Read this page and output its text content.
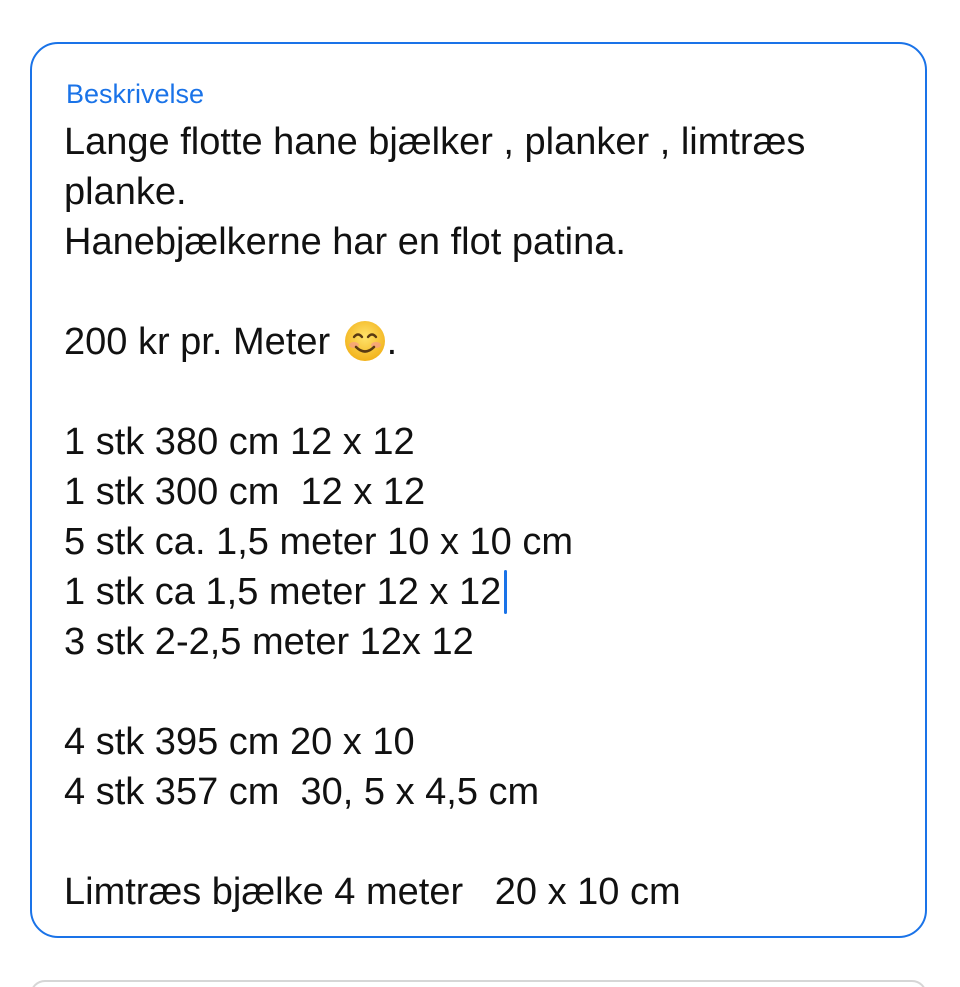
Beskrivelse
Lange flotte hane bjælker , planker , limtræs
planke.
Hanebjælkerne har en flot patina.
200 kr pr. Meter .
1 stk 380 cm 12 x 12
1 stk 300 cm  12 x 12
5 stk ca. 1,5 meter 10 x 10 cm
1 stk ca 1,5 meter 12 x 12
3 stk 2-2,5 meter 12x 12
4 stk 395 cm 20 x 10
4 stk 357 cm  30, 5 x 4,5 cm
Limtræs bjælke 4 meter   20 x 10 cm
